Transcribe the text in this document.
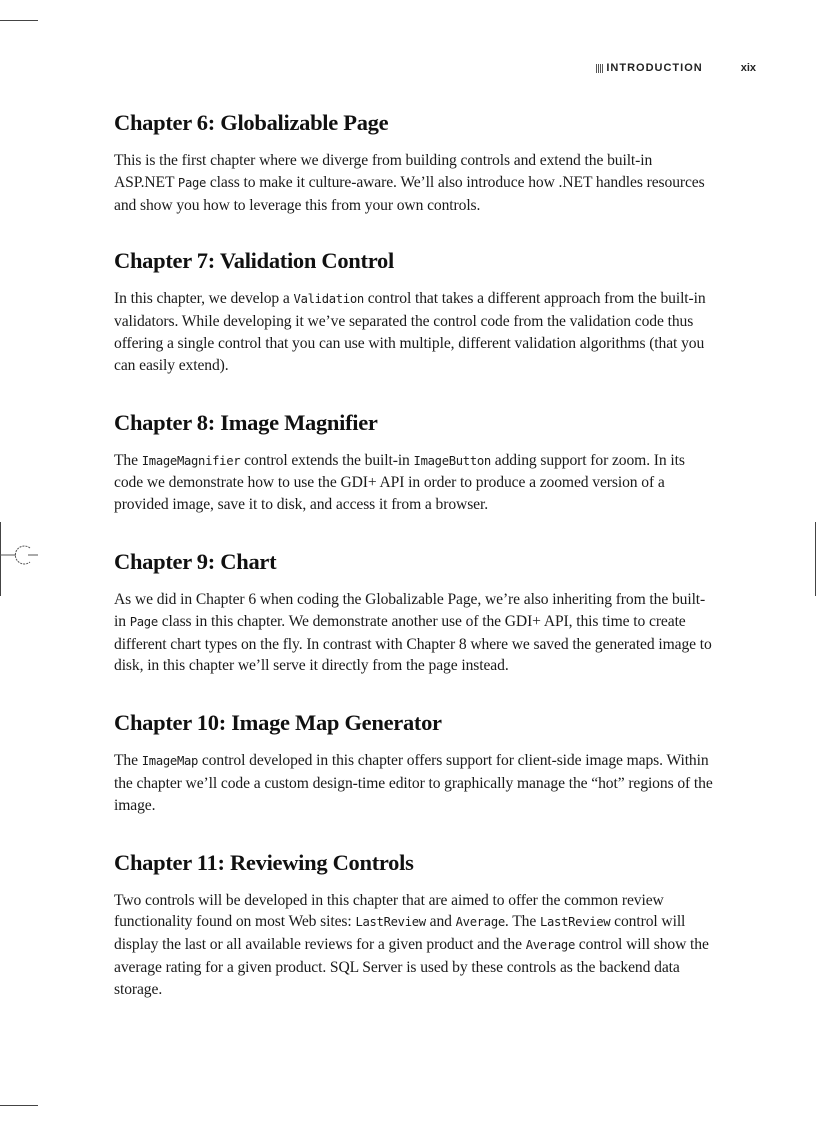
INTRODUCTION	xix
Chapter 6: Globalizable Page

This is the first chapter where we diverge from building controls and extend the built-in ASP.NET Page class to make it culture-aware. We’ll also introduce how .NET handles resources and show you how to leverage this from your own controls.

Chapter 7: Validation Control

In this chapter, we develop a Validation control that takes a different approach from the built-in validators. While developing it we’ve separated the control code from the validation code thus offering a single control that you can use with multiple, different validation algorithms (that you can easily extend).

Chapter 8: Image Magnifier

The ImageMagnifier control extends the built-in ImageButton adding support for zoom. In its code we demonstrate how to use the GDI+ API in order to produce a zoomed version of a provided image, save it to disk, and access it from a browser.

Chapter 9: Chart

As we did in Chapter 6 when coding the Globalizable Page, we’re also inheriting from the built-in Page class in this chapter. We demonstrate another use of the GDI+ API, this time to create different chart types on the fly. In contrast with Chapter 8 where we saved the generated image to disk, in this chapter we’ll serve it directly from the page instead.

Chapter 10: Image Map Generator

The ImageMap control developed in this chapter offers support for client-side image maps. Within the chapter we’ll code a custom design-time editor to graphically manage the “hot” regions of the image.

Chapter 11: Reviewing Controls

Two controls will be developed in this chapter that are aimed to offer the common review functionality found on most Web sites: LastReview and Average. The LastReview control will display the last or all available reviews for a given product and the Average control will show the average rating for a given product. SQL Server is used by these controls as the backend data storage.
